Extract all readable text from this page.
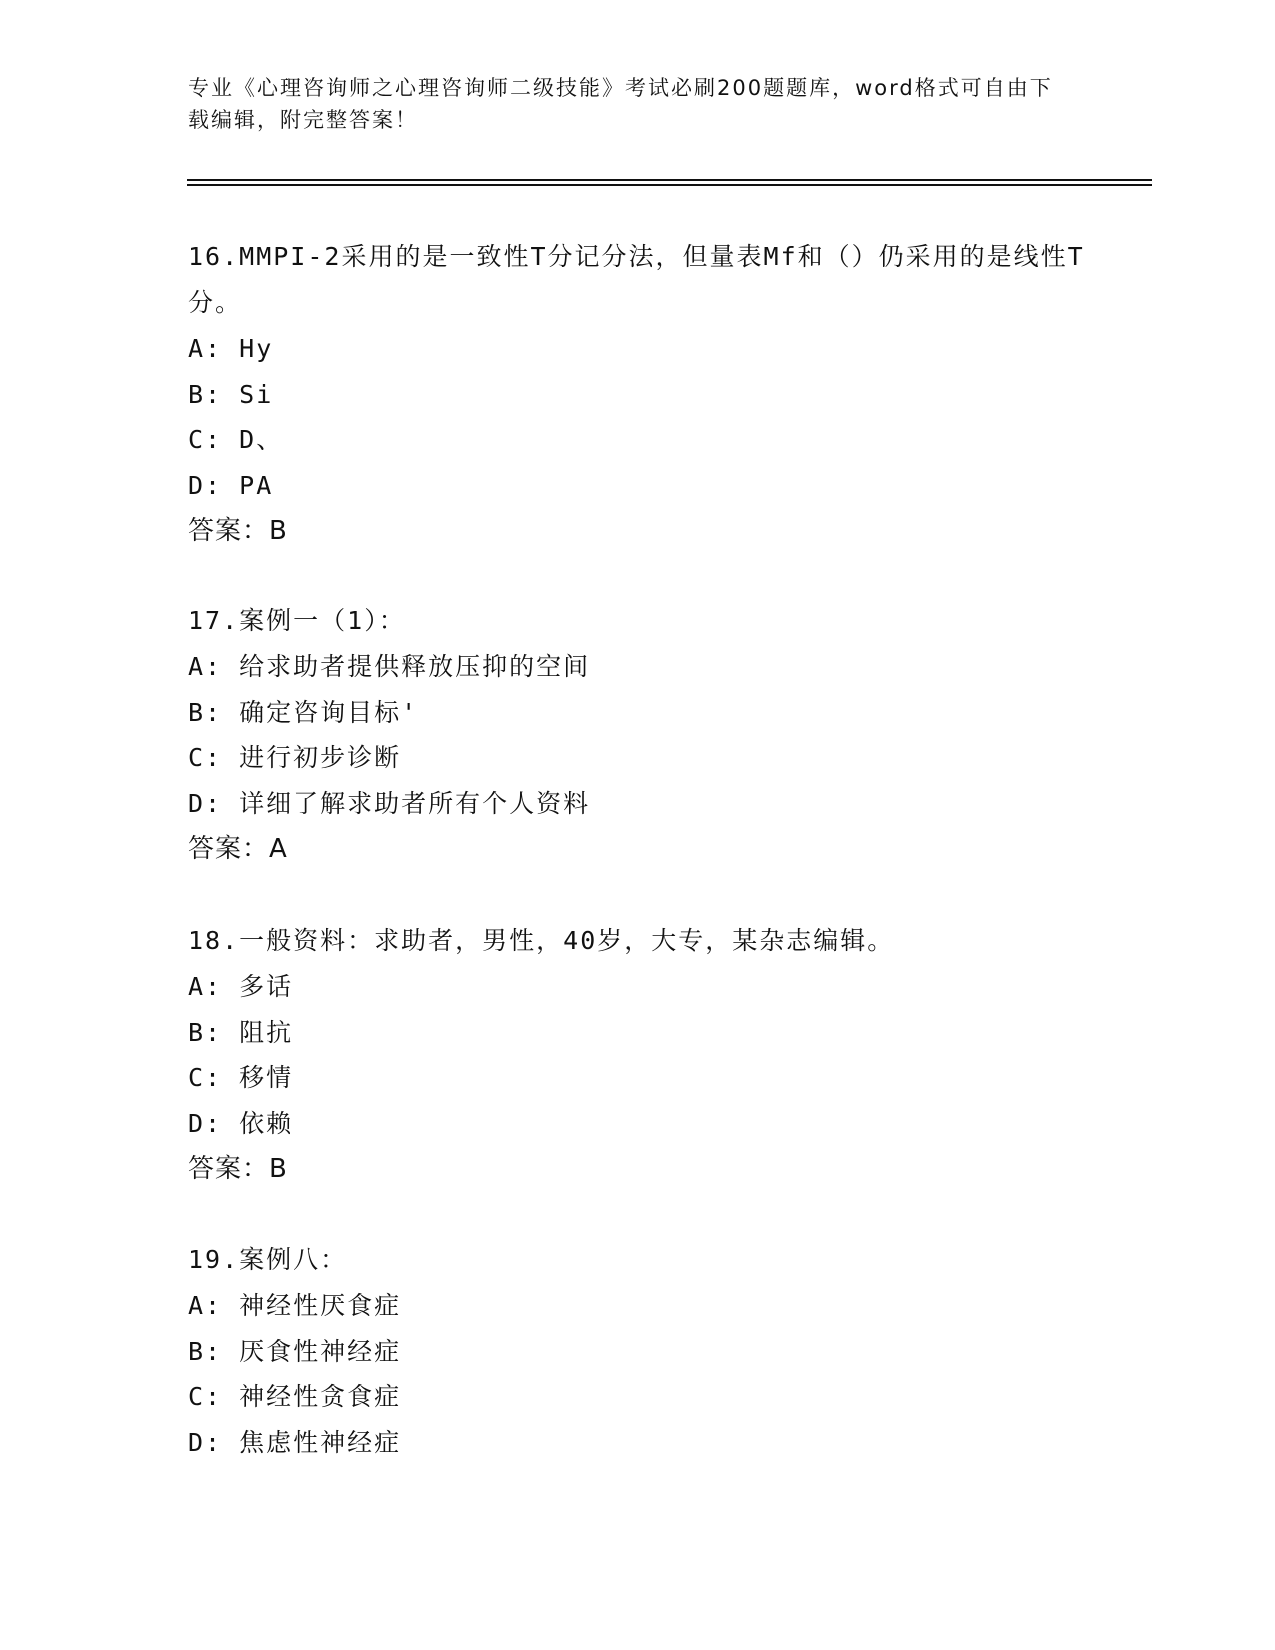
专业《心理咨询师之心理咨询师二级技能》考试必刷200题题库，word格式可自由下载编辑，附完整答案！
16.MMPI-2采用的是一致性T分记分法，但量表Mf和（）仍采用的是线性T分。
A: Hy
B: Si
C: D、
D: PA
答案：B
17.案例一（1）：
A: 给求助者提供释放压抑的空间
B: 确定咨询目标'
C: 进行初步诊断
D: 详细了解求助者所有个人资料
答案：A
18.一般资料：求助者，男性，40岁，大专，某杂志编辑。
A: 多话
B: 阻抗
C: 移情
D: 依赖
答案：B
19.案例八：
A: 神经性厌食症
B: 厌食性神经症
C: 神经性贪食症
D: 焦虑性神经症
